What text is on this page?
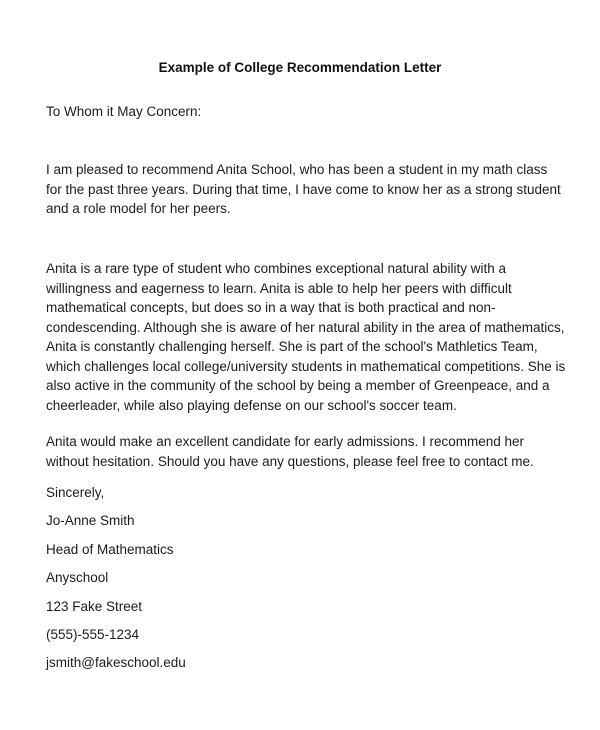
Example of College Recommendation Letter
To Whom it May Concern:

I am pleased to recommend Anita School, who has been a student in my math class for the past three years. During that time, I have come to know her as a strong student and a role model for her peers.

Anita is a rare type of student who combines exceptional natural ability with a willingness and eagerness to learn. Anita is able to help her peers with difficult mathematical concepts, but does so in a way that is both practical and non-condescending. Although she is aware of her natural ability in the area of mathematics, Anita is constantly challenging herself. She is part of the school's Mathletics Team, which challenges local college/university students in mathematical competitions. She is also active in the community of the school by being a member of Greenpeace, and a cheerleader, while also playing defense on our school's soccer team.

Anita would make an excellent candidate for early admissions. I recommend her without hesitation. Should you have any questions, please feel free to contact me.

Sincerely,
Jo-Anne Smith
Head of Mathematics
Anyschool
123 Fake Street
(555)-555-1234
jsmith@fakeschool.edu
